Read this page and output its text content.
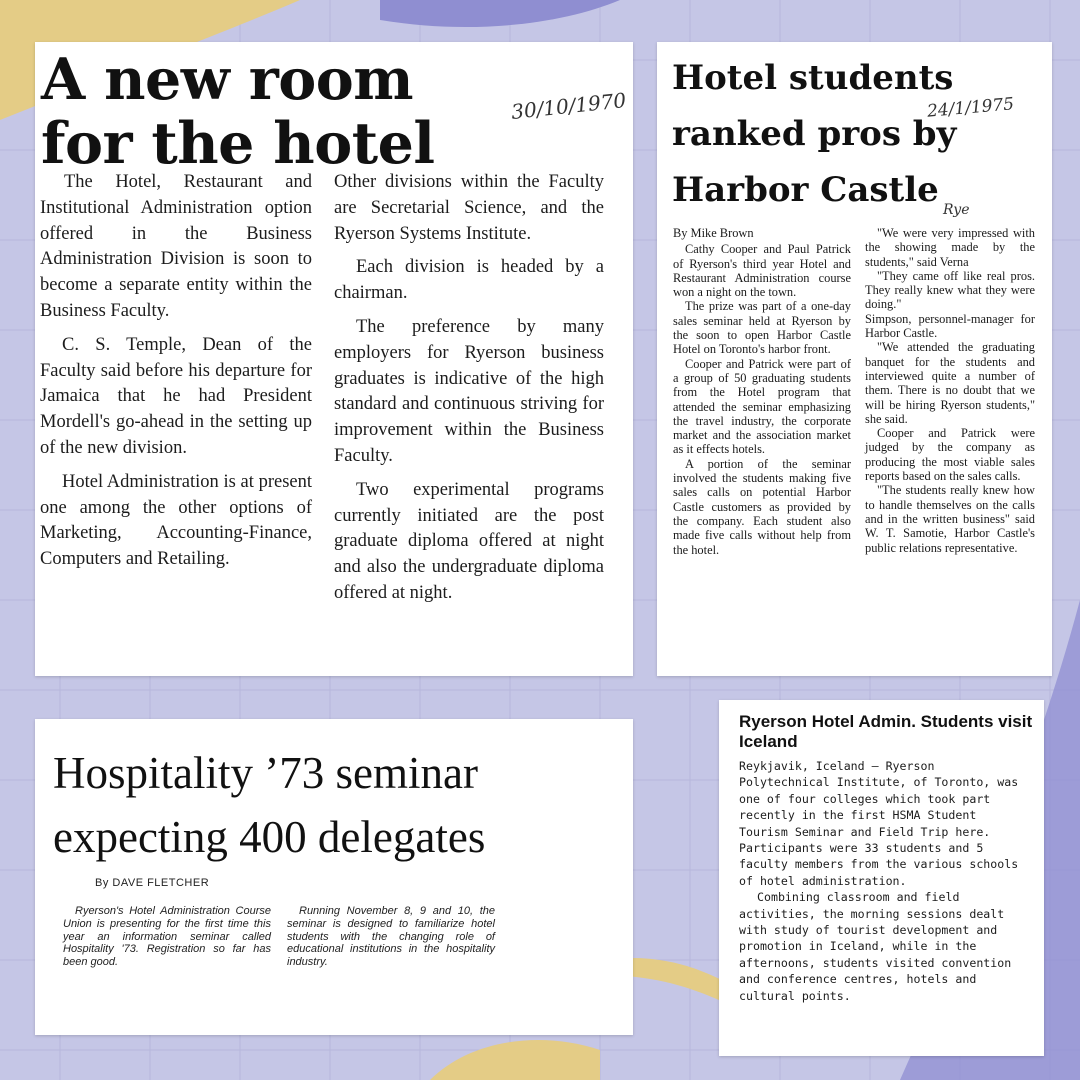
A new room for the hotel
30/10/1970

The Hotel, Restaurant and Institutional Administration option offered in the Business Administration Division is soon to become a separate entity within the Business Faculty.

C. S. Temple, Dean of the Faculty said before his departure for Jamaica that he had President Mordell's go-ahead in the setting up of the new division.

Hotel Administration is at present one among the other options of Marketing, Accounting-Finance, Computers and Retailing.

Other divisions within the Faculty are Secretarial Science, and the Ryerson Systems Institute.

Each division is headed by a chairman.

The preference by many employers for Ryerson business graduates is indicative of the high standard and continuous striving for improvement within the Business Faculty.

Two experimental programs currently initiated are the post graduate diploma offered at night and also the undergraduate diploma offered at night.

Hotel students ranked pros by Harbor Castle
24/1/1975
Rye

By Mike Brown

Cathy Cooper and Paul Patrick of Ryerson's third year Hotel and Restaurant Administration course won a night on the town.

The prize was part of a one-day sales seminar held at Ryerson by the soon to open Harbor Castle Hotel on Toronto's harbor front.

Cooper and Patrick were part of a group of 50 graduating students from the Hotel program that attended the seminar emphasizing the travel industry, the corporate market and the association market as it effects hotels.

A portion of the seminar involved the students making five sales calls on potential Harbor Castle customers as provided by the company. Each student also made five calls without help from the hotel.

"We were very impressed with the showing made by the students," said Verna

"They came off like real pros. They really knew what they were doing."

Simpson, personnel-manager for Harbor Castle.

"We attended the graduating banquet for the students and interviewed quite a number of them. There is no doubt that we will be hiring Ryerson students," she said.

Cooper and Patrick were judged by the company as producing the most viable sales reports based on the sales calls.

"The students really knew how to handle themselves on the calls and in the written business" said W. T. Samotie, Harbor Castle's public relations representative.

Hospitality ’73 seminar expecting 400 delegates
By DAVE FLETCHER

Ryerson's Hotel Administration Course Union is presenting for the first time this year an information seminar called Hospitality '73. Registration so far has been good.

Running November 8, 9 and 10, the seminar is designed to familiarize hotel students with the changing role of educational institutions in the hospitality industry.

Ryerson Hotel Admin. Students visit Iceland

Reykjavik, Iceland — Ryerson Polytechnical Institute, of Toronto, was one of four colleges which took part recently in the first HSMA Student Tourism Seminar and Field Trip here. Participants were 33 students and 5 faculty members from the various schools of hotel administration.

Combining classroom and field activities, the morning sessions dealt with study of tourist development and promotion in Iceland, while in the afternoons, students visited convention and conference centres, hotels and cultural points.
